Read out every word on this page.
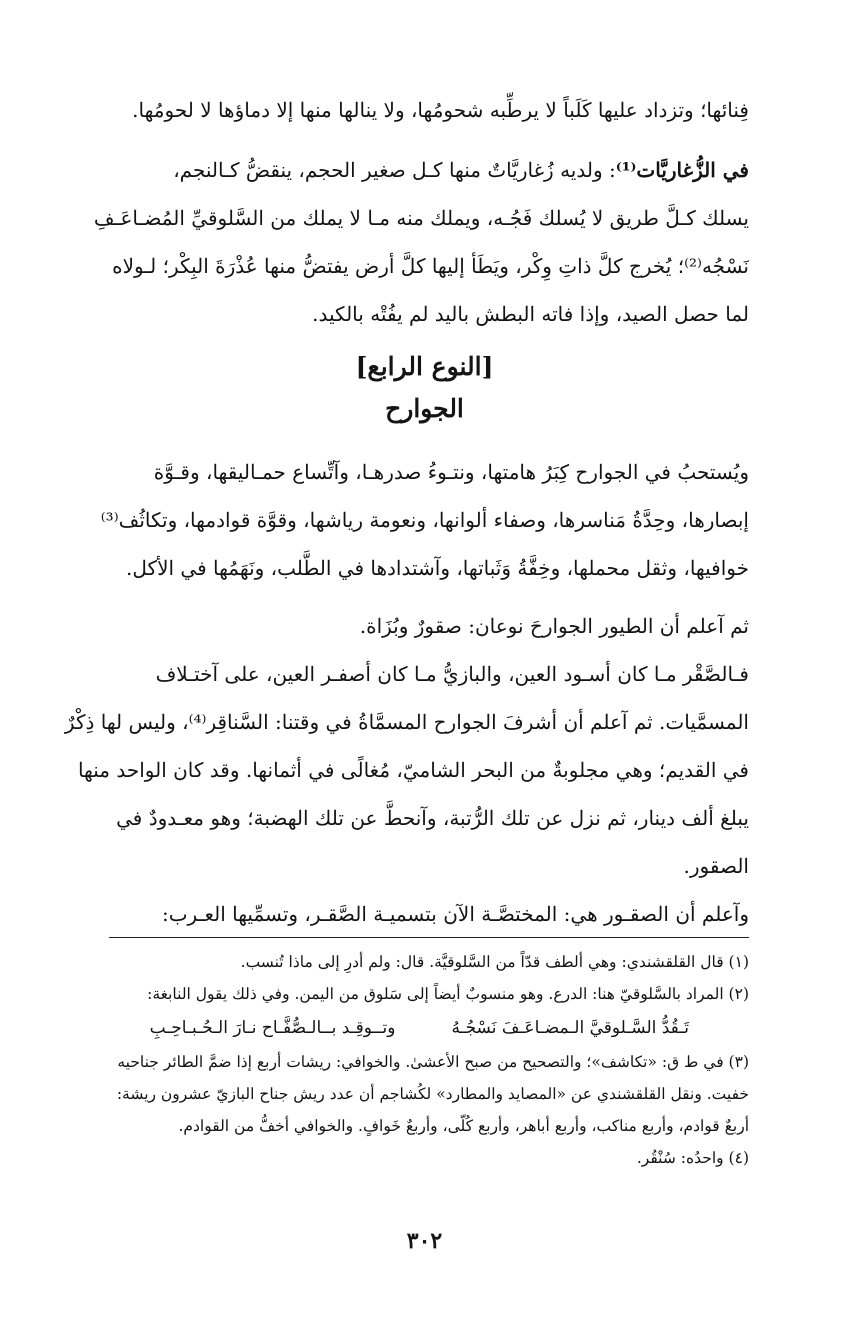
فِنائها؛ وتزداد عليها كَلَباً لا يرطِّبه شحومُها، ولا ينالها منها إلا دماؤها لا لحومُها.
في الزُّغاريَّات⁽¹⁾: ولديه زُغاريَّاتٌ منها كـل صغير الحجم، ينقضُّ كـالنجم،
يسلك كـلَّ طريق لا يُسلك فَجُـه، ويملك منه مـا لا يملك من السَّلوقيِّ المُضـاعَـفِ
نَسْجُه⁽²⁾؛ يُخرج كلَّ ذاتِ وِكْر، ويَطَأ إليها كلَّ أرض يفتضُّ منها عُذْرَةَ البِكْر؛ لـولاه
لما حصل الصيد، وإذا فاته البطش باليد لم يفُتْه بالكيد.
[النوع الرابع]
الجوارح
ويُستحبُ في الجوارح كِبَرُ هامتها، ونتـوءُ صدرهـا، وآتِّساع حمـاليقها، وقـوَّة
إبصارها، وحِدَّةُ مَناسرها، وصفاء ألوانها، ونعومة رياشها، وقوَّة قوادمها، وتكاثُف⁽³⁾
خوافيها، وثقل محملها، وخِفَّةُ وَثَباتها، وآشتدادها في الطَّلب، ونَهَمُها في الأكل.
ثم آعلم أن الطيور الجوارحَ نوعان: صقورٌ وبُزَاة.
فـالصَّقْر مـا كان أسـود العين، والبازيُّ مـا كان أصفـر العين، على آختـلاف
المسمَّيات. ثم آعلم أن أشرفَ الجوارح المسمَّاةُ في وقتنا: السَّناقِر⁽⁴⁾، وليس لها ذِكْرٌ
في القديم؛ وهي مجلوبةٌ من البحر الشاميّ، مُغالًى في أثمانها. وقد كان الواحد منها
يبلغ ألف دينار، ثم نزل عن تلك الرُّتبة، وآنحطَّ عن تلك الهضبة؛ وهو معـدودٌ في
الصقور.
وآعلم أن الصقـور هي: المختصَّـة الآن بتسميـة الصَّقـر، وتسمِّيها العـرب:
(١) قال القلقشندي: وهي ألطف قدّاً من السَّلوقيَّة. قال: ولم أدرِ إلى ماذا تُنسب.
(٢) المراد بالسَّلوقيّ هنا: الدرع. وهو منسوبٌ أيضاً إلى سَلوق من اليمن. وفي ذلك يقول النابغة:
تَـقُدُّ السَّـلوقيَّ الـمضـاعَـفَ نَسْجُـهُ
وتــوقِـد بــالـصُّفَّـاح نـارَ الـحُـبـاحِـبِ
(٣) في ط ق: «تكاشف»؛ والتصحيح من صبح الأعشىٰ. والخوافي: ريشات أربع إذا ضمَّ الطائر جناحيه
خفيت. ونقل القلقشندي عن «المصايد والمطارد» لكُشاجم أن عدد ريش جناح البازيّ عشرون ريشة:
أربعٌ قوادم، وأربع مناكب، وأربع أباهر، وأربع كُلّى، وأربعٌ خَوافٍ. والخوافي أخفُّ من القوادم.
(٤) واحدُه: سُنْقُر.
٣٠٢
